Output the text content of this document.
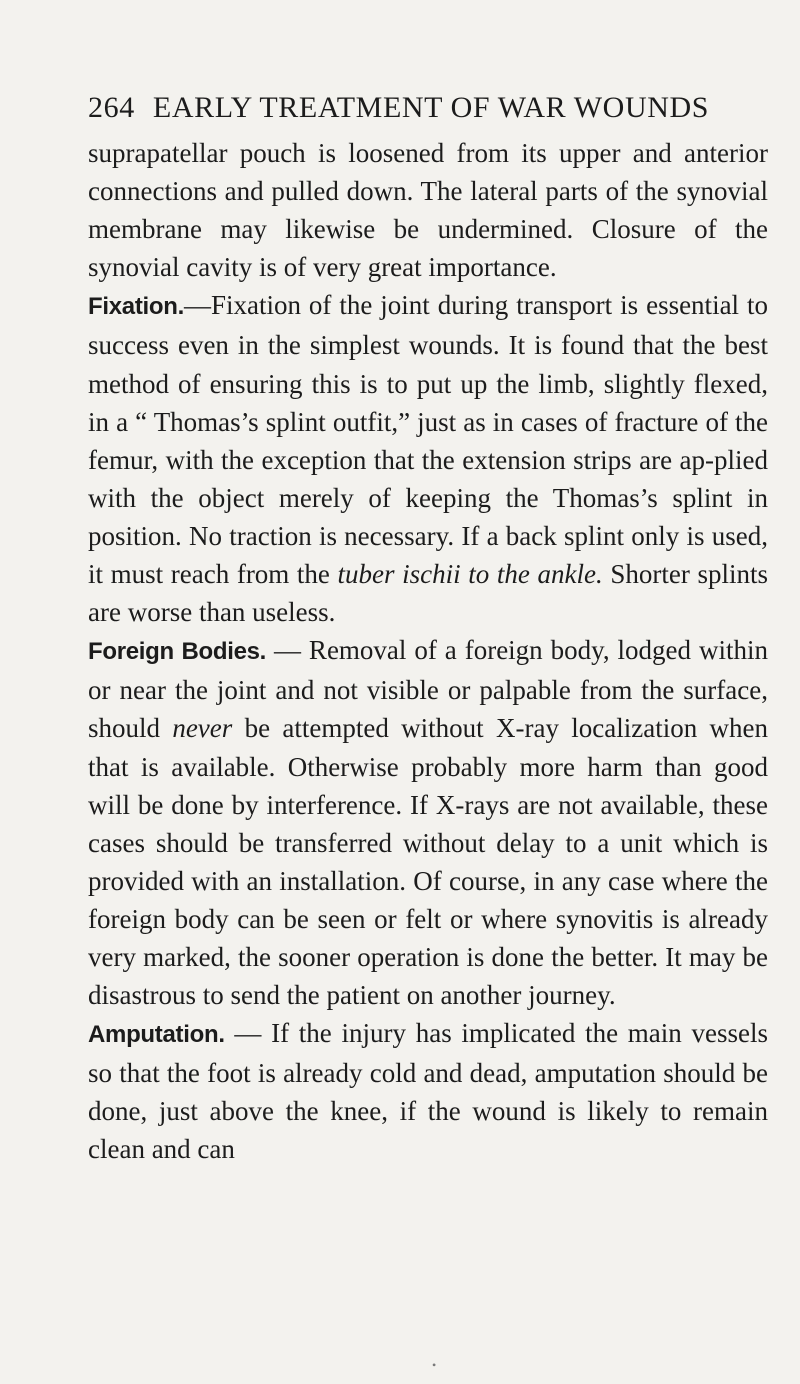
264 EARLY TREATMENT OF WAR WOUNDS

suprapatellar pouch is loosened from its upper and anterior connections and pulled down. The lateral parts of the synovial membrane may likewise be undermined. Closure of the synovial cavity is of very great importance.

Fixation.—Fixation of the joint during transport is essential to success even in the simplest wounds. It is found that the best method of ensuring this is to put up the limb, slightly flexed, in a “ Thomas’s splint outfit,” just as in cases of fracture of the femur, with the exception that the extension strips are ap-plied with the object merely of keeping the Thomas’s splint in position. No traction is necessary. If a back splint only is used, it must reach from the tuber ischii to the ankle. Shorter splints are worse than useless.

Foreign Bodies. — Removal of a foreign body, lodged within or near the joint and not visible or palpable from the surface, should never be attempted without X-ray localization when that is available. Otherwise probably more harm than good will be done by interference. If X-rays are not available, these cases should be transferred without delay to a unit which is provided with an installation. Of course, in any case where the foreign body can be seen or felt or where synovitis is already very marked, the sooner operation is done the better. It may be disastrous to send the patient on another journey.

Amputation. — If the injury has implicated the main vessels so that the foot is already cold and dead, amputation should be done, just above the knee, if the wound is likely to remain clean and can

•
